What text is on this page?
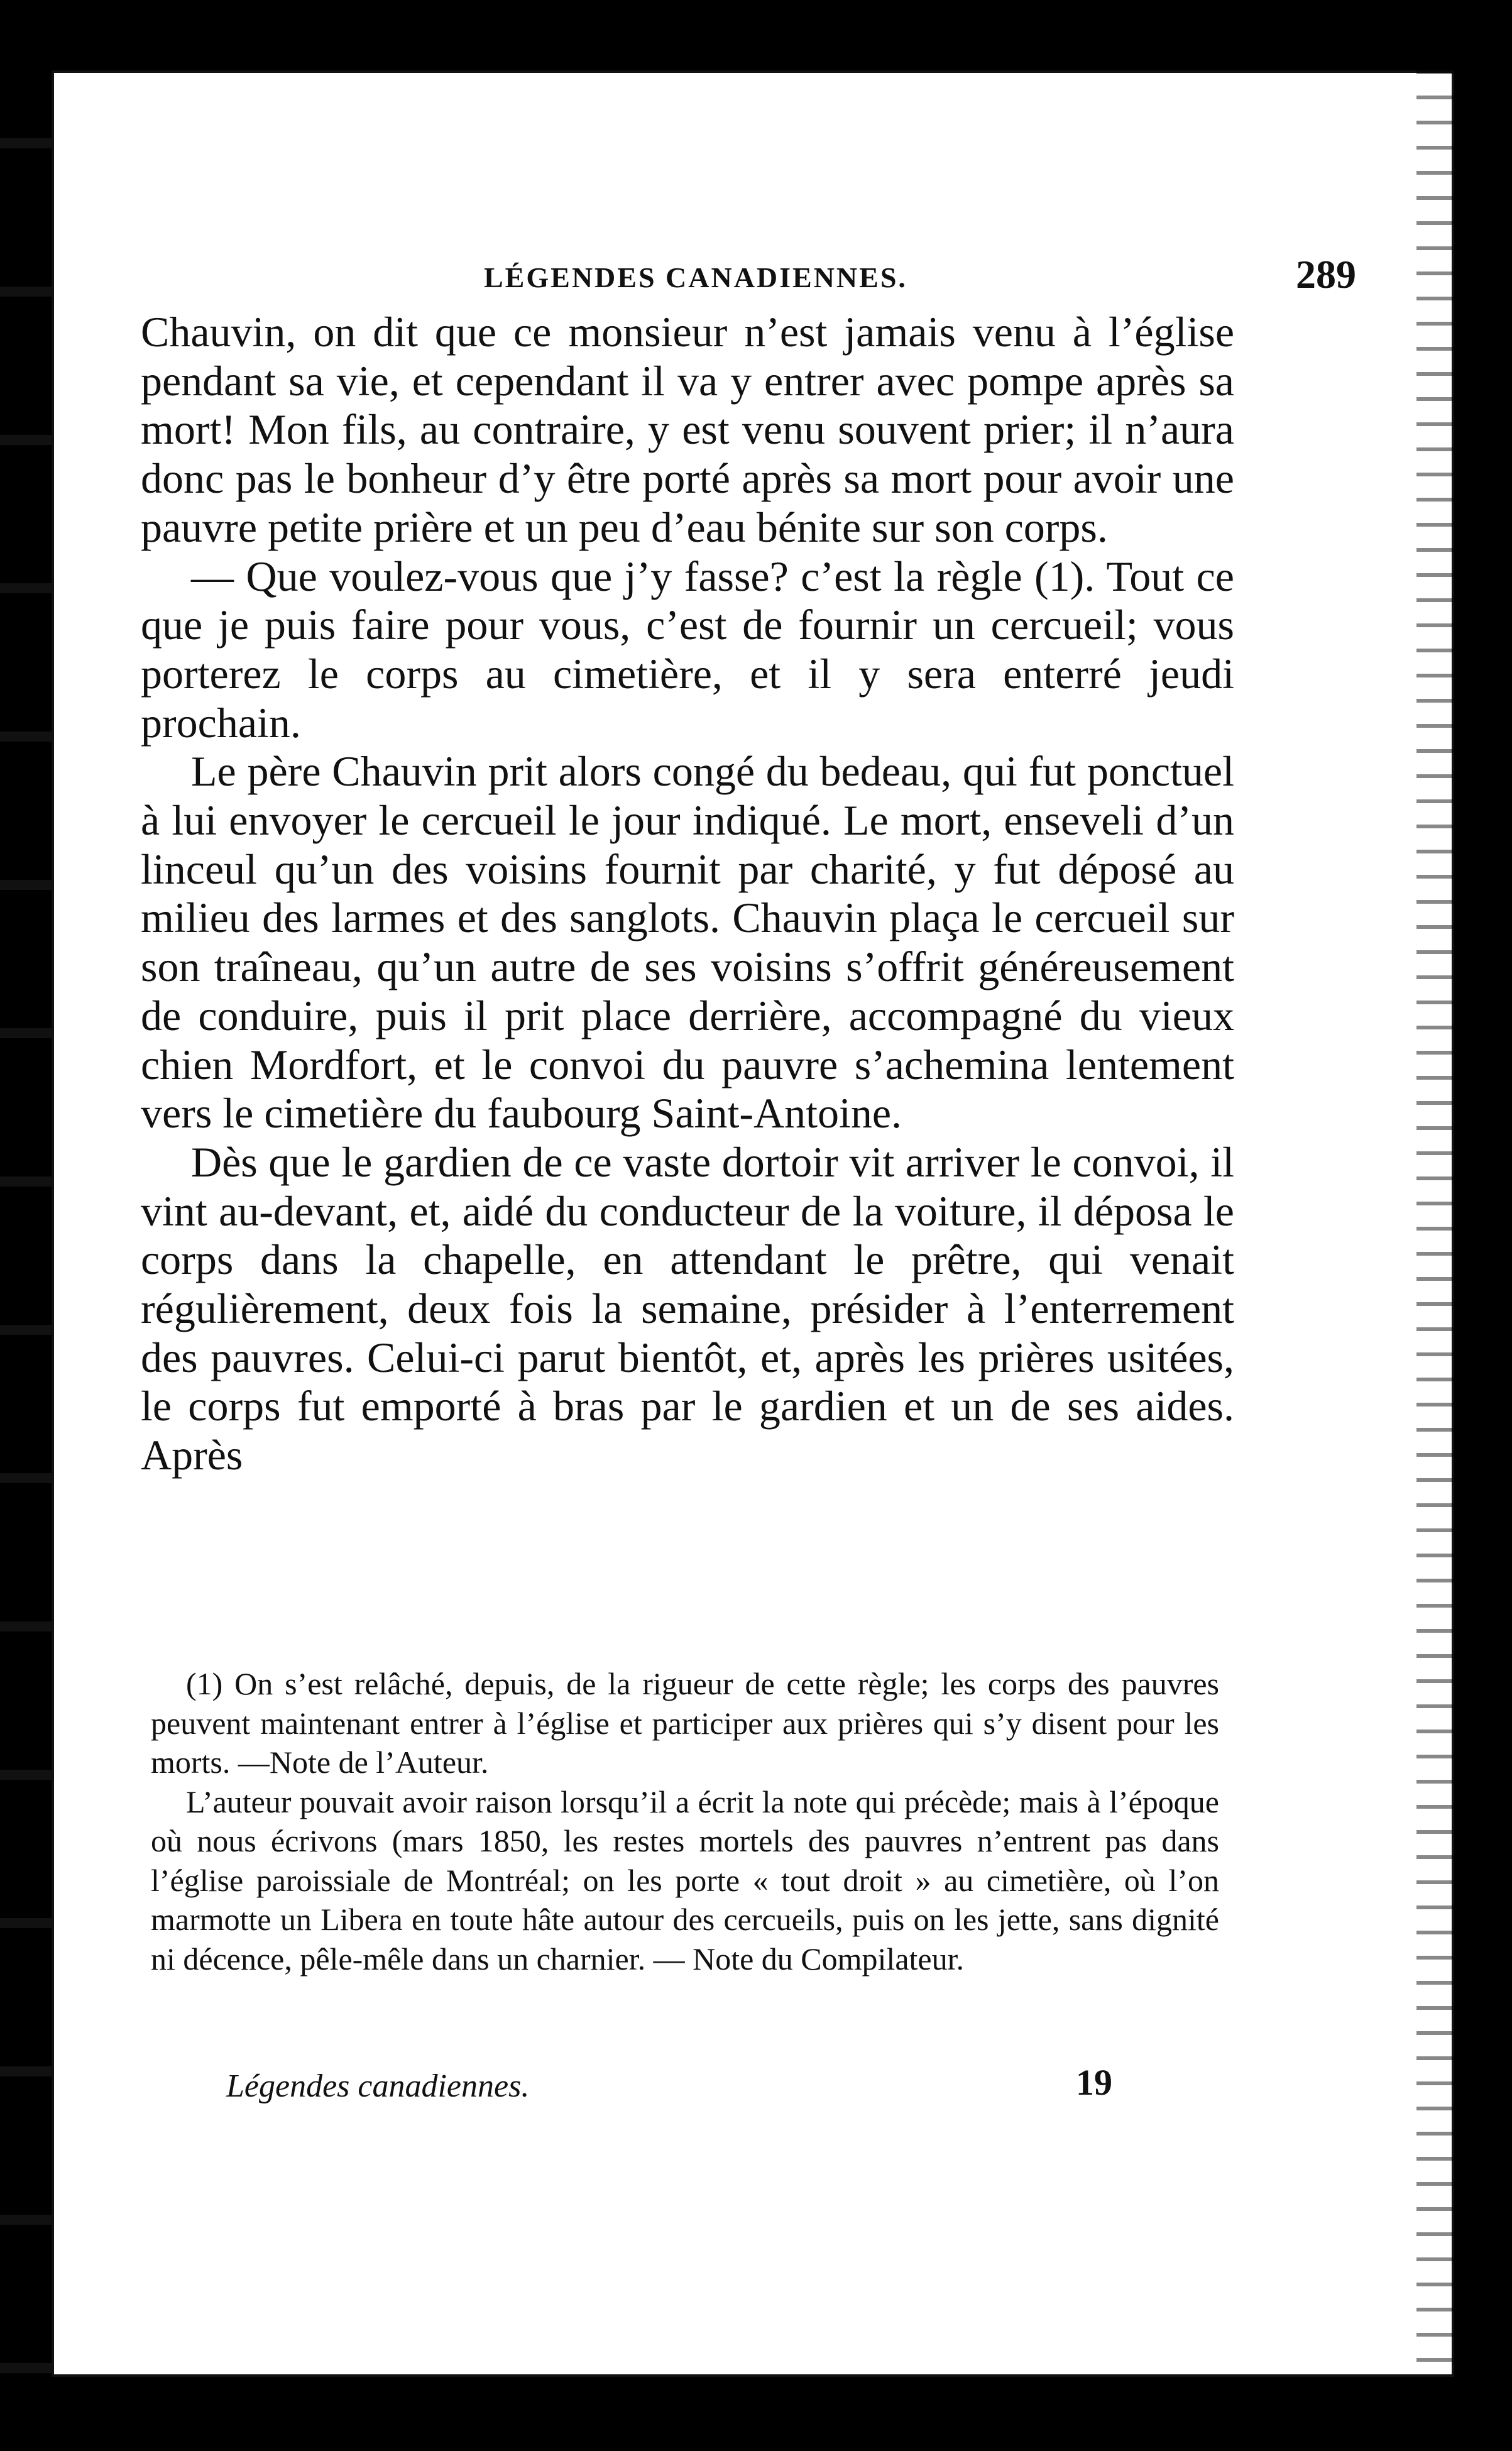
LÉGENDES CANADIENNES.	289

Chauvin, on dit que ce monsieur n’est jamais venu à l’église pendant sa vie, et cependant il va y entrer avec pompe après sa mort! Mon fils, au contraire, y est venu souvent prier; il n’aura donc pas le bonheur d’y être porté après sa mort pour avoir une pauvre petite prière et un peu d’eau bénite sur son corps.

— Que voulez-vous que j’y fasse? c’est la règle (1). Tout ce que je puis faire pour vous, c’est de fournir un cercueil; vous porterez le corps au cimetière, et il y sera enterré jeudi prochain.

Le père Chauvin prit alors congé du bedeau, qui fut ponctuel à lui envoyer le cercueil le jour indiqué. Le mort, enseveli d’un linceul qu’un des voisins fournit par charité, y fut déposé au milieu des larmes et des sanglots. Chauvin plaça le cercueil sur son traîneau, qu’un autre de ses voisins s’offrit généreusement de conduire, puis il prit place derrière, accompagné du vieux chien Mordfort, et le convoi du pauvre s’achemina lentement vers le cimetière du faubourg Saint-Antoine.

Dès que le gardien de ce vaste dortoir vit arriver le convoi, il vint au-devant, et, aidé du conducteur de la voiture, il déposa le corps dans la chapelle, en attendant le prêtre, qui venait régulièrement, deux fois la semaine, présider à l’enterrement des pauvres. Celui-ci parut bientôt, et, après les prières usitées, le corps fut emporté à bras par le gardien et un de ses aides. Après

(1) On s’est relâché, depuis, de la rigueur de cette règle; les corps des pauvres peuvent maintenant entrer à l’église et participer aux prières qui s’y disent pour les morts. —Note de l’Auteur.

L’auteur pouvait avoir raison lorsqu’il a écrit la note qui précède; mais à l’époque où nous écrivons (mars 1850, les restes mortels des pauvres n’entrent pas dans l’église paroissiale de Montréal; on les porte « tout droit » au cimetière, où l’on marmotte un Libera en toute hâte autour des cercueils, puis on les jette, sans dignité ni décence, pêle-mêle dans un charnier. — Note du Compilateur.

Légendes canadiennes.	19
